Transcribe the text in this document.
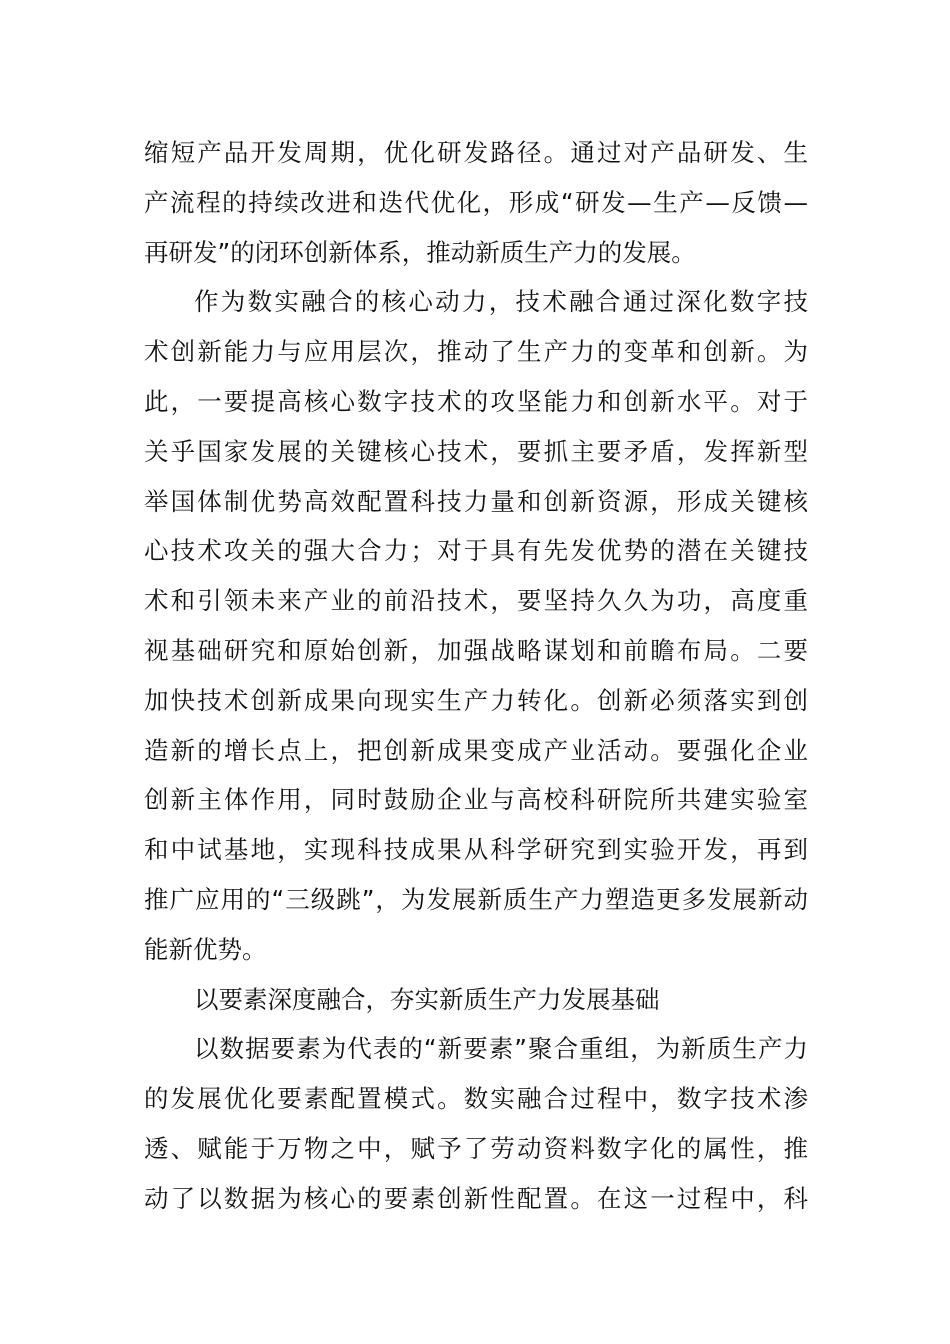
缩短产品开发周期，优化研发路径。通过对产品研发、生
产流程的持续改进和迭代优化，形成“研发—生产—反馈—
再研发”的闭环创新体系，推动新质生产力的发展。
作为数实融合的核心动力，技术融合通过深化数字技
术创新能力与应用层次，推动了生产力的变革和创新。为
此，一要提高核心数字技术的攻坚能力和创新水平。对于
关乎国家发展的关键核心技术，要抓主要矛盾，发挥新型
举国体制优势高效配置科技力量和创新资源，形成关键核
心技术攻关的强大合力；对于具有先发优势的潜在关键技
术和引领未来产业的前沿技术，要坚持久久为功，高度重
视基础研究和原始创新，加强战略谋划和前瞻布局。二要
加快技术创新成果向现实生产力转化。创新必须落实到创
造新的增长点上，把创新成果变成产业活动。要强化企业
创新主体作用，同时鼓励企业与高校科研院所共建实验室
和中试基地，实现科技成果从科学研究到实验开发，再到
推广应用的“三级跳”，为发展新质生产力塑造更多发展新动
能新优势。
以要素深度融合，夯实新质生产力发展基础
以数据要素为代表的“新要素”聚合重组，为新质生产力
的发展优化要素配置模式。数实融合过程中，数字技术渗
透、赋能于万物之中，赋予了劳动资料数字化的属性，推
动了以数据为核心的要素创新性配置。在这一过程中，科
